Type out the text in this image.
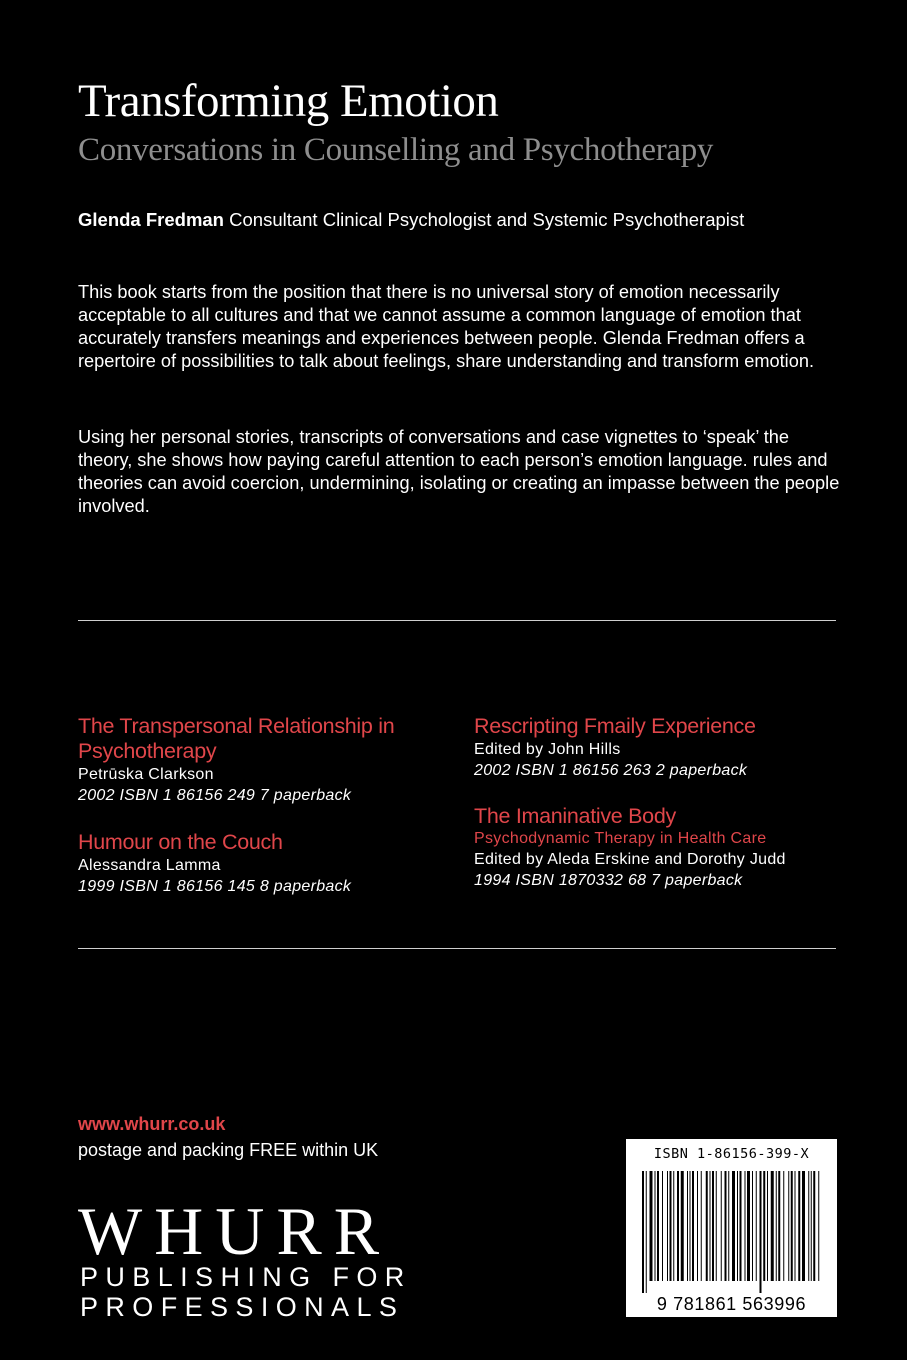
Transforming Emotion
Conversations in Counselling and Psychotherapy
Glenda Fredman Consultant Clinical Psychologist and Systemic Psychotherapist

This book starts from the position that there is no universal story of emotion necessarily acceptable to all cultures and that we cannot assume a common language of emotion that accurately transfers meanings and experiences between people. Glenda Fredman offers a repertoire of possibilities to talk about feelings, share understanding and transform emotion.

Using her personal stories, transcripts of conversations and case vignettes to ‘speak’ the theory, she shows how paying careful attention to each person’s emotion language. rules and theories can avoid coercion, undermining, isolating or creating an impasse between the people involved.

The Transpersonal Relationship in Psychotherapy
Petrūska Clarkson
2002 ISBN 1 86156 249 7 paperback
Humour on the Couch
Alessandra Lamma
1999 ISBN 1 86156 145 8 paperback
Rescripting Fmaily Experience
Edited by John Hills
2002 ISBN 1 86156 263 2 paperback
The Imaninative Body
Psychodynamic Therapy in Health Care
Edited by Aleda Erskine and Dorothy Judd
1994 ISBN 1870332 68 7 paperback
www.whurr.co.uk
postage and packing FREE within UK
WHURR
PUBLISHING FOR
PROFESSIONALS
ISBN 1-86156-399-X
9 781861 563996
